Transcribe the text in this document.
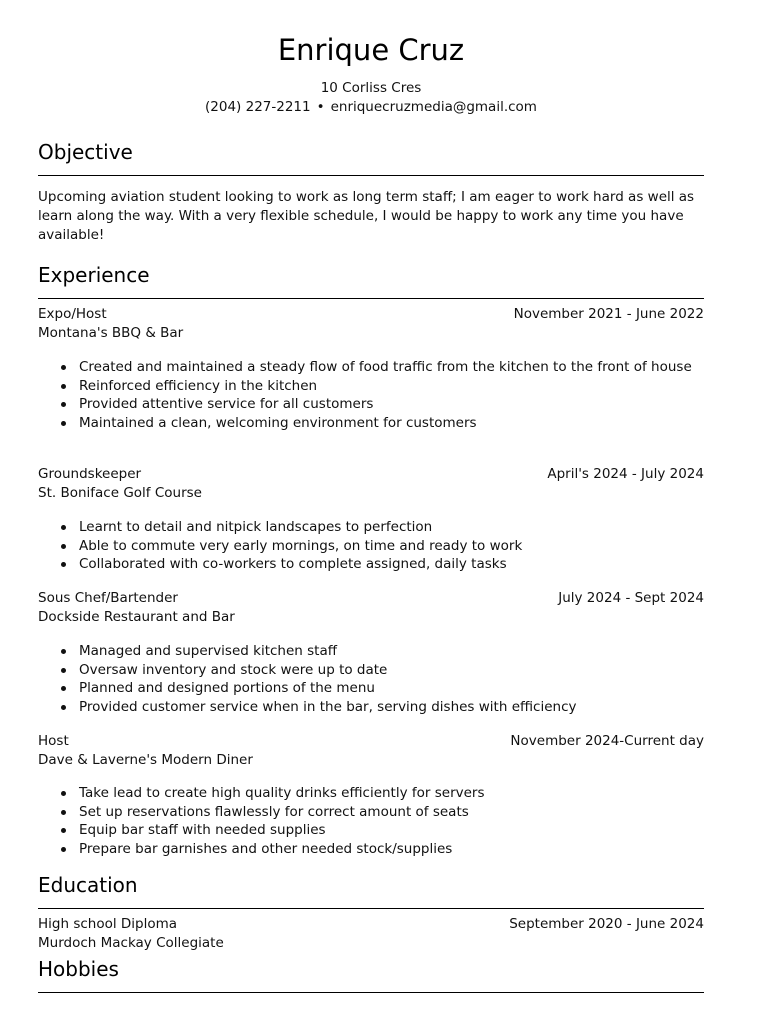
Enrique Cruz
10 Corliss Cres
(204) 227-2211 • enriquecruzmedia@gmail.com
Objective
Upcoming aviation student looking to work as long term staff; I am eager to work hard as well as learn along the way. With a very flexible schedule, I would be happy to work any time you have available!
Experience
Expo/Host	November 2021 - June 2022
Montana's BBQ & Bar
Created and maintained a steady flow of food traffic from the kitchen to the front of house
Reinforced efficiency in the kitchen
Provided attentive service for all customers
Maintained a clean, welcoming environment for customers
Groundskeeper	April's 2024 - July 2024
St. Boniface Golf Course
Learnt to detail and nitpick landscapes to perfection
Able to commute very early mornings, on time and ready to work
Collaborated with co-workers to complete assigned, daily tasks
Sous Chef/Bartender	July 2024 - Sept 2024
Dockside Restaurant and Bar
Managed and supervised kitchen staff
Oversaw inventory and stock were up to date
Planned and designed portions of the menu
Provided customer service when in the bar, serving dishes with efficiency
Host	November 2024-Current day
Dave & Laverne's Modern Diner
Take lead to create high quality drinks efficiently for servers
Set up reservations flawlessly for correct amount of seats
Equip bar staff with needed supplies
Prepare bar garnishes and other needed stock/supplies
Education
High school Diploma	September 2020 - June 2024
Murdoch Mackay Collegiate
Hobbies
